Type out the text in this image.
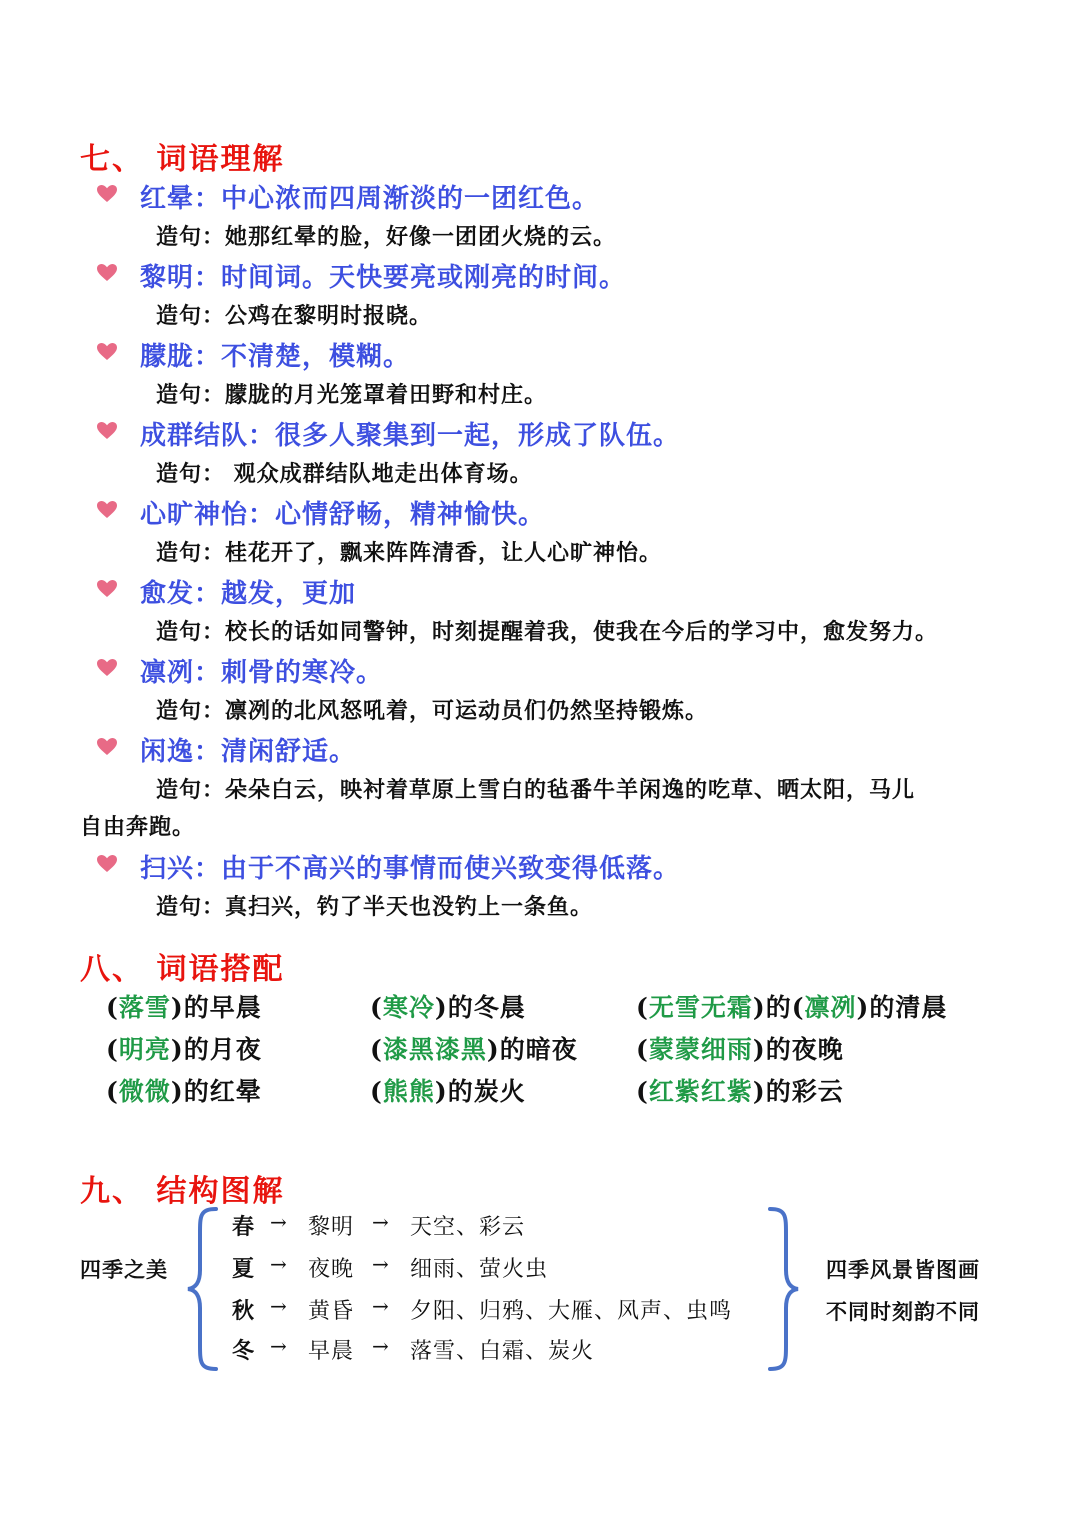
七、 词语理解
红晕：中心浓而四周渐淡的一团红色。
造句：她那红晕的脸，好像一团团火烧的云。
黎明：时间词。天快要亮或刚亮的时间。
造句：公鸡在黎明时报晓。
朦胧：不清楚，模糊。
造句：朦胧的月光笼罩着田野和村庄。
成群结队：很多人聚集到一起，形成了队伍。
造句： 观众成群结队地走出体育场。
心旷神怡：心情舒畅，精神愉快。
造句：桂花开了，飘来阵阵清香，让人心旷神怡。
愈发：越发，更加
造句：校长的话如同警钟，时刻提醒着我，使我在今后的学习中，愈发努力。
凛冽：刺骨的寒冷。
造句：凛冽的北风怒吼着，可运动员们仍然坚持锻炼。
闲逸：清闲舒适。
造句：朵朵白云，映衬着草原上雪白的毡番牛羊闲逸的吃草、晒太阳，马儿
自由奔跑。
扫兴：由于不高兴的事情而使兴致变得低落。
造句：真扫兴，钓了半天也没钓上一条鱼。
八、 词语搭配
(落雪)的早晨	(寒冷)的冬晨	(无雪无霜)的(凛冽)的清晨
(明亮)的月夜	(漆黑漆黑)的暗夜 (蒙蒙细雨)的夜晚
(微微)的红晕	(熊熊)的炭火	(红紫红紫)的彩云
九、 结构图解
四季之美
春 → 黎明 → 天空、彩云
夏 → 夜晚 → 细雨、萤火虫
秋 → 黄昏 → 夕阳、归鸦、大雁、风声、虫鸣
冬 → 早晨 → 落雪、白霜、炭火
四季风景皆图画
不同时刻韵不同
